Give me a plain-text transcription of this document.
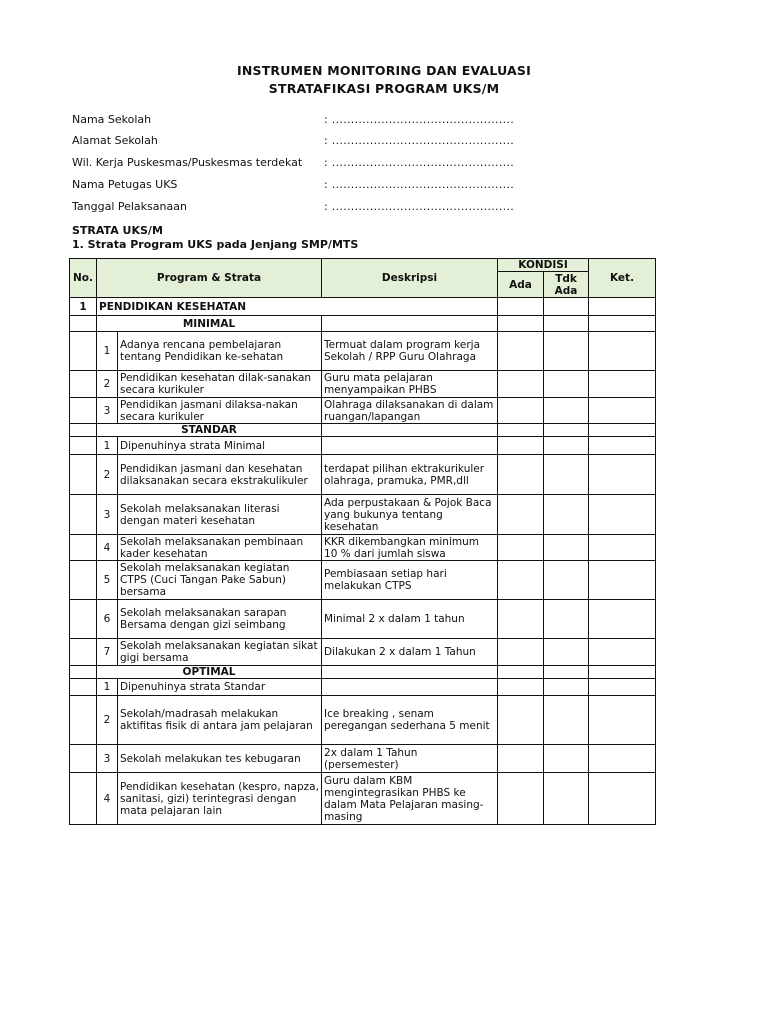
INSTRUMEN MONITORING DAN EVALUASI
STRATAFIKASI PROGRAM UKS/M
Nama Sekolah	: ................................................
Alamat Sekolah	: ................................................
Wil. Kerja Puskesmas/Puskesmas terdekat : ................................................
Nama Petugas UKS	: ................................................
Tanggal Pelaksanaan	: ................................................
STRATA UKS/M
1. Strata Program UKS pada Jenjang SMP/MTS
No.	Program & Strata		Deskripsi	KONDISI		Ket.
				Ada	Tdk Ada	
1	PENDIDIKAN KESEHATAN					
	MINIMAL					
	1	Adanya rencana pembelajaran tentang Pendidikan ke-sehatan	Termuat dalam program kerja Sekolah / RPP Guru Olahraga			
	2	Pendidikan kesehatan dilak-sanakan secara kurikuler	Guru mata pelajaran menyampaikan PHBS			
	3	Pendidikan jasmani dilaksa-nakan secara kurikuler	Olahraga dilaksanakan di dalam ruangan/lapangan			
	STANDAR					
	1	Dipenuhinya strata Minimal				
	2	Pendidikan jasmani dan kesehatan dilaksanakan secara ekstrakulikuler	terdapat pilihan ektrakurikuler olahraga, pramuka, PMR,dll			
	3	Sekolah melaksanakan literasi dengan materi kesehatan	Ada perpustakaan & Pojok Baca yang bukunya tentang kesehatan			
	4	Sekolah melaksanakan pembinaan kader kesehatan	KKR dikembangkan minimum 10 % dari jumlah siswa			
	5	Sekolah melaksanakan kegiatan CTPS (Cuci Tangan Pake Sabun) bersama	Pembiasaan setiap hari melakukan CTPS			
	6	Sekolah melaksanakan sarapan Bersama dengan gizi seimbang	Minimal 2 x dalam 1 tahun			
	7	Sekolah melaksanakan kegiatan sikat gigi bersama	Dilakukan 2 x dalam 1 Tahun			
	OPTIMAL					
	1	Dipenuhinya strata Standar				
	2	Sekolah/madrasah melakukan aktifitas fisik di antara jam pelajaran	Ice breaking , senam peregangan sederhana 5 menit			
	3	Sekolah melakukan tes kebugaran	2x dalam 1 Tahun (persemester)			
	4	Pendidikan kesehatan (kespro, napza, sanitasi, gizi) terintegrasi dengan mata pelajaran lain	Guru dalam KBM mengintegrasikan PHBS ke dalam Mata Pelajaran masing-masing			
